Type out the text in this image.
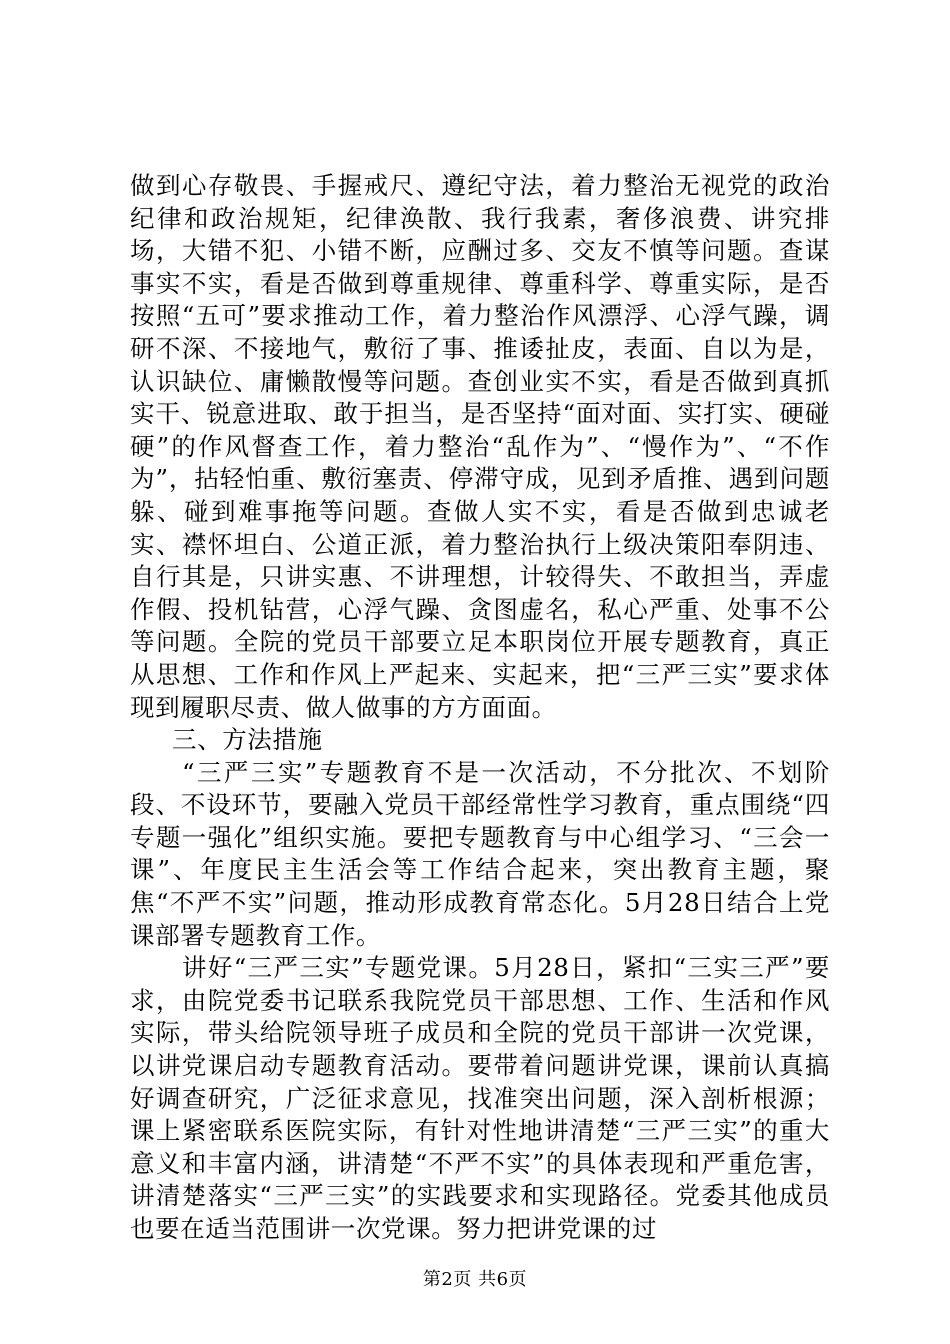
做到心存敬畏、手握戒尺、遵纪守法，着力整治无视党的政治纪律和政治规矩，纪律涣散、我行我素，奢侈浪费、讲究排场，大错不犯、小错不断，应酬过多、交友不慎等问题。查谋事实不实，看是否做到尊重规律、尊重科学、尊重实际，是否按照“五可”要求推动工作，着力整治作风漂浮、心浮气躁，调研不深、不接地气，敷衍了事、推诿扯皮，表面、自以为是，认识缺位、庸懒散慢等问题。查创业实不实，看是否做到真抓实干、锐意进取、敢于担当，是否坚持“面对面、实打实、硬碰硬”的作风督查工作，着力整治“乱作为”、“慢作为”、“不作为”，拈轻怕重、敷衍塞责、停滞守成，见到矛盾推、遇到问题躲、碰到难事拖等问题。查做人实不实，看是否做到忠诚老实、襟怀坦白、公道正派，着力整治执行上级决策阳奉阴违、自行其是，只讲实惠、不讲理想，计较得失、不敢担当，弄虚作假、投机钻营，心浮气躁、贪图虚名，私心严重、处事不公等问题。全院的党员干部要立足本职岗位开展专题教育，真正从思想、工作和作风上严起来、实起来，把“三严三实”要求体现到履职尽责、做人做事的方方面面。

三、方法措施

“三严三实”专题教育不是一次活动，不分批次、不划阶段、不设环节，要融入党员干部经常性学习教育，重点围绕“四专题一强化”组织实施。要把专题教育与中心组学习、“三会一课”、年度民主生活会等工作结合起来，突出教育主题，聚焦“不严不实”问题，推动形成教育常态化。5月28日结合上党课部署专题教育工作。

讲好“三严三实”专题党课。5月28日，紧扣“三实三严”要求，由院党委书记联系我院党员干部思想、工作、生活和作风实际，带头给院领导班子成员和全院的党员干部讲一次党课，以讲党课启动专题教育活动。要带着问题讲党课，课前认真搞好调查研究，广泛征求意见，找准突出问题，深入剖析根源；课上紧密联系医院实际，有针对性地讲清楚“三严三实”的重大意义和丰富内涵，讲清楚“不严不实”的具体表现和严重危害，讲清楚落实“三严三实”的实践要求和实现路径。党委其他成员也要在适当范围讲一次党课。努力把讲党课的过

第2页 共6页
